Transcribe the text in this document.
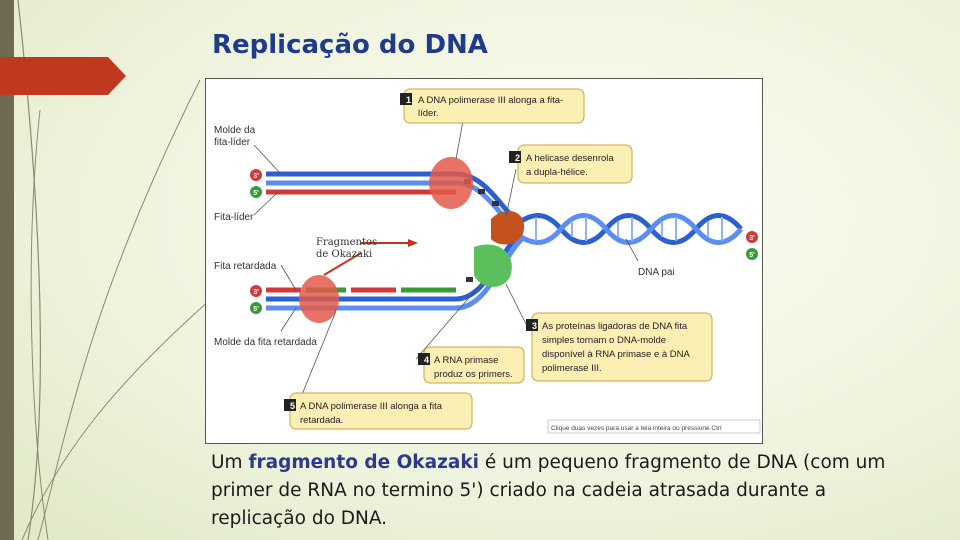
Replicação do DNA
3'
5'
3'
5'
3'
5'
Molde da
fita-líder
Fita-líder
Fita retardada
Molde da fita retardada
DNA pai
Fragmentos
de Okazaki
1 A DNA polimerase III alonga a fita-
líder.
2 A helicase desenrola
a dupla-hélice.
3 As proteínas ligadoras de DNA fita
simples tornam o DNA-molde
disponível à RNA primase e à DNA
polimerase III.
4 A RNA primase
produz os primers.
5 A DNA polimerase III alonga a fita
retardada.
Clique duas vezes para usar a tela inteira ou pressione Ctrl
Um fragmento de Okazaki é um pequeno fragmento de DNA (com um primer de RNA no termino 5') criado na cadeia atrasada durante a replicação do DNA.
